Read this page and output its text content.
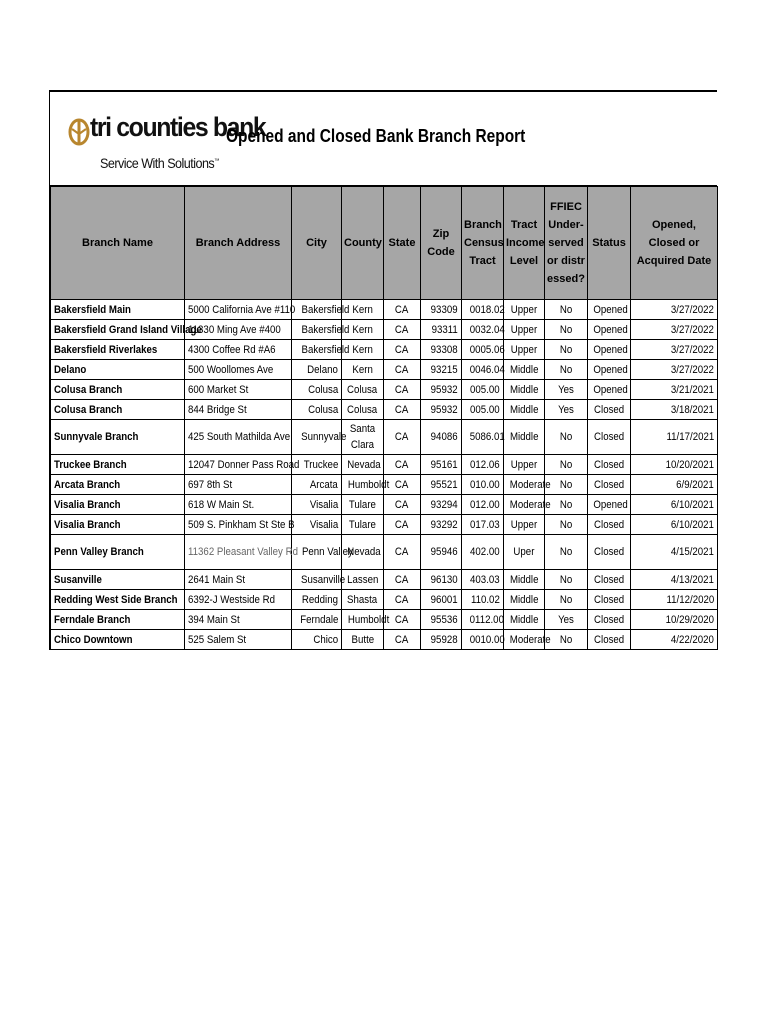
tri counties bank
Service With Solutions™
Opened and Closed Bank Branch Report
Branch Name	Branch Address	City	County	State	Zip Code	Branch Census Tract	Tract Income Level	FFIEC Under-served or distressed?	Status	Opened, Closed or Acquired Date
Bakersfield Main	5000 California Ave #110	Bakersfield	Kern	CA	93309	0018.02	Upper	No	Opened	3/27/2022
Bakersfield Grand Island Village	11330 Ming Ave #400	Bakersfield	Kern	CA	93311	0032.04	Upper	No	Opened	3/27/2022
Bakersfield Riverlakes	4300 Coffee Rd #A6	Bakersfield	Kern	CA	93308	0005.06	Upper	No	Opened	3/27/2022
Delano	500 Woollomes Ave	Delano	Kern	CA	93215	0046.04	Middle	No	Opened	3/27/2022
Colusa Branch	600 Market St	Colusa	Colusa	CA	95932	005.00	Middle	Yes	Opened	3/21/2021
Colusa Branch	844 Bridge St	Colusa	Colusa	CA	95932	005.00	Middle	Yes	Closed	3/18/2021
Sunnyvale Branch	425 South Mathilda Ave	Sunnyvale	Santa Clara	CA	94086	5086.01	Middle	No	Closed	11/17/2021
Truckee Branch	12047 Donner Pass Road	Truckee	Nevada	CA	95161	012.06	Upper	No	Closed	10/20/2021
Arcata Branch	697 8th St	Arcata	Humboldt	CA	95521	010.00	Moderate	No	Closed	6/9/2021
Visalia Branch	618 W Main St.	Visalia	Tulare	CA	93294	012.00	Moderate	No	Opened	6/10/2021
Visalia Branch	509 S. Pinkham St Ste B	Visalia	Tulare	CA	93292	017.03	Upper	No	Closed	6/10/2021
Penn Valley Branch	11362 Pleasant Valley Rd	Penn Valley	Nevada	CA	95946	402.00	Uper	No	Closed	4/15/2021
Susanville	2641 Main St	Susanville	Lassen	CA	96130	403.03	Middle	No	Closed	4/13/2021
Redding West Side Branch	6392-J Westside Rd	Redding	Shasta	CA	96001	110.02	Middle	No	Closed	11/12/2020
Ferndale Branch	394 Main St	Ferndale	Humboldt	CA	95536	0112.00	Middle	Yes	Closed	10/29/2020
Chico Downtown	525 Salem St	Chico	Butte	CA	95928	0010.00	Moderate	No	Closed	4/22/2020
